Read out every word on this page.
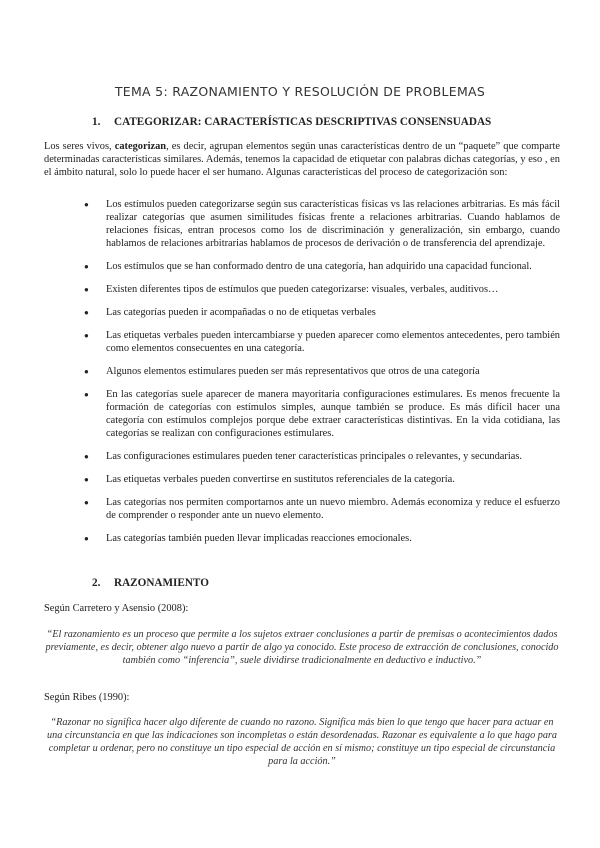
TEMA 5: RAZONAMIENTO Y RESOLUCIÓN DE PROBLEMAS
1. CATEGORIZAR: CARACTERÍSTICAS DESCRIPTIVAS CONSENSUADAS
Los seres vivos, categorizan, es decir, agrupan elementos según unas características dentro de un “paquete” que comparte determinadas características similares. Además, tenemos la capacidad de etiquetar con palabras dichas categorías, y eso , en el ámbito natural, solo lo puede hacer el ser humano. Algunas características del proceso de categorización son:
● Los estímulos pueden categorizarse según sus características físicas vs las relaciones arbitrarias. Es más fácil realizar categorías que asumen similitudes físicas frente a relaciones arbitrarias. Cuando hablamos de relaciones físicas, entran procesos como los de discriminación y generalización, sin embargo, cuando hablamos de relaciones arbitrarias hablamos de procesos de derivación o de transferencia del aprendizaje.
● Los estímulos que se han conformado dentro de una categoría, han adquirido una capacidad funcional.
● Existen diferentes tipos de estímulos que pueden categorizarse: visuales, verbales, auditivos…
● Las categorías pueden ir acompañadas o no de etiquetas verbales
● Las etiquetas verbales pueden intercambiarse y pueden aparecer como elementos antecedentes, pero también como elementos consecuentes en una categoría.
● Algunos elementos estimulares pueden ser más representativos que otros de una categoría
● En las categorías suele aparecer de manera mayoritaria configuraciones estimulares. Es menos frecuente la formación de categorías con estímulos simples, aunque también se produce. Es más difícil hacer una categoría con estímulos complejos porque debe extraer características distintivas. En la vida cotidiana, las categorías se realizan con configuraciones estimulares.
● Las configuraciones estimulares pueden tener características principales o relevantes, y secundarias.
● Las etiquetas verbales pueden convertirse en sustitutos referenciales de la categoría.
● Las categorías nos permiten comportarnos ante un nuevo miembro. Además economiza y reduce el esfuerzo de comprender o responder ante un nuevo elemento.
● Las categorías también pueden llevar implicadas reacciones emocionales.
2. RAZONAMIENTO
Según Carretero y Asensio (2008):
“El razonamiento es un proceso que permite a los sujetos extraer conclusiones a partir de premisas o acontecimientos dados previamente, es decir, obtener algo nuevo a partir de algo ya conocido. Este proceso de extracción de conclusiones, conocido también como “inferencia”, suele dividirse tradicionalmente en deductivo e inductivo.”
Según Ribes (1990):
“Razonar no significa hacer algo diferente de cuando no razono. Significa más bien lo que tengo que hacer para actuar en una circunstancia en que las indicaciones son incompletas o están desordenadas. Razonar es equivalente a lo que hago para completar u ordenar, pero no constituye un tipo especial de acción en sí mismo; constituye un tipo especial de circunstancia para la acción.”
